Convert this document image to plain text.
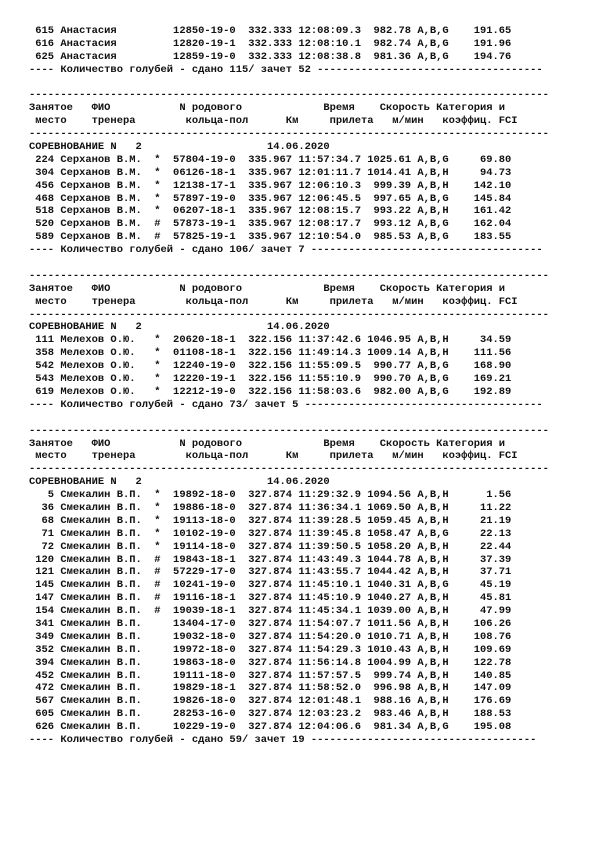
615 Анастасия         12850-19-0  332.333 12:08:09.3  982.78 A,B,G    191.65
616 Анастасия         12820-19-1  332.333 12:08:10.1  982.74 A,B,G    191.96
625 Анастасия         12859-19-0  332.333 12:08:38.8  981.36 A,B,G    194.76
---- Количество голубей - сдано 115/ зачет 52 ------------------------------------
-----------------------------------------------------------------------------------
Занятое   ФИО           N родового             Время    Скорость Категория и
место    тренера        кольца-пол      Км     прилета   м/мин   коэффиц. FCI
-----------------------------------------------------------------------------------
СОРЕВНОВАНИЕ N   2                    14.06.2020
224 Серханов В.М.  *  57804-19-0  335.967 11:57:34.7 1025.61 A,B,G     69.80
304 Серханов В.М.  *  06126-18-1  335.967 12:01:11.7 1014.41 A,B,H     94.73
456 Серханов В.М.  *  12138-17-1  335.967 12:06:10.3  999.39 A,B,H    142.10
468 Серханов В.М.  *  57897-19-0  335.967 12:06:45.5  997.65 A,B,G    145.84
518 Серханов В.М.  *  06207-18-1  335.967 12:08:15.7  993.22 A,B,H    161.42
520 Серханов В.М.  #  57873-19-1  335.967 12:08:17.7  993.12 A,B,G    162.04
589 Серханов В.М.  #  57825-19-1  335.967 12:10:54.0  985.53 A,B,G    183.55
---- Количество голубей - сдано 106/ зачет 7 -------------------------------------
-----------------------------------------------------------------------------------
Занятое   ФИО           N родового             Время    Скорость Категория и
место    тренера        кольца-пол      Км     прилета   м/мин   коэффиц. FCI
-----------------------------------------------------------------------------------
СОРЕВНОВАНИЕ N   2                    14.06.2020
111 Мелехов О.Ю.   *  20620-18-1  322.156 11:37:42.6 1046.95 A,B,H     34.59
358 Мелехов О.Ю.   *  01108-18-1  322.156 11:49:14.3 1009.14 A,B,H    111.56
542 Мелехов О.Ю.   *  12240-19-0  322.156 11:55:09.5  990.77 A,B,G    168.90
543 Мелехов О.Ю.   *  12220-19-1  322.156 11:55:10.9  990.70 A,B,G    169.21
619 Мелехов О.Ю.   *  12212-19-0  322.156 11:58:03.6  982.00 A,B,G    192.89
---- Количество голубей - сдано 73/ зачет 5 --------------------------------------
-----------------------------------------------------------------------------------
Занятое   ФИО           N родового             Время    Скорость Категория и
место    тренера        кольца-пол      Км     прилета   м/мин   коэффиц. FCI
-----------------------------------------------------------------------------------
СОРЕВНОВАНИЕ N   2                    14.06.2020
5 Смекалин В.П.  *  19892-18-0  327.874 11:29:32.9 1094.56 A,B,H      1.56
36 Смекалин В.П.  *  19886-18-0  327.874 11:36:34.1 1069.50 A,B,H     11.22
68 Смекалин В.П.  *  19113-18-0  327.874 11:39:28.5 1059.45 A,B,H     21.19
71 Смекалин В.П.  *  10102-19-0  327.874 11:39:45.8 1058.47 A,B,G     22.13
72 Смекалин В.П.  *  19114-18-0  327.874 11:39:50.5 1058.20 A,B,H     22.44
120 Смекалин В.П.  #  19843-18-1  327.874 11:43:49.3 1044.78 A,B,H     37.39
121 Смекалин В.П.  #  57229-17-0  327.874 11:43:55.7 1044.42 A,B,H     37.71
145 Смекалин В.П.  #  10241-19-0  327.874 11:45:10.1 1040.31 A,B,G     45.19
147 Смекалин В.П.  #  19116-18-1  327.874 11:45:10.9 1040.27 A,B,H     45.81
154 Смекалин В.П.  #  19039-18-1  327.874 11:45:34.1 1039.00 A,B,H     47.99
341 Смекалин В.П.     13404-17-0  327.874 11:54:07.7 1011.56 A,B,H    106.26
349 Смекалин В.П.     19032-18-0  327.874 11:54:20.0 1010.71 A,B,H    108.76
352 Смекалин В.П.     19972-18-0  327.874 11:54:29.3 1010.43 A,B,H    109.69
394 Смекалин В.П.     19863-18-0  327.874 11:56:14.8 1004.99 A,B,H    122.78
452 Смекалин В.П.     19111-18-0  327.874 11:57:57.5  999.74 A,B,H    140.85
472 Смекалин В.П.     19829-18-1  327.874 11:58:52.0  996.98 A,B,H    147.09
567 Смекалин В.П.     19826-18-0  327.874 12:01:48.1  988.16 A,B,H    176.69
605 Смекалин В.П.     28253-16-0  327.874 12:03:23.2  983.46 A,B,H    188.53
626 Смекалин В.П.     10229-19-0  327.874 12:04:06.6  981.34 A,B,G    195.08
---- Количество голубей - сдано 59/ зачет 19 ------------------------------------
